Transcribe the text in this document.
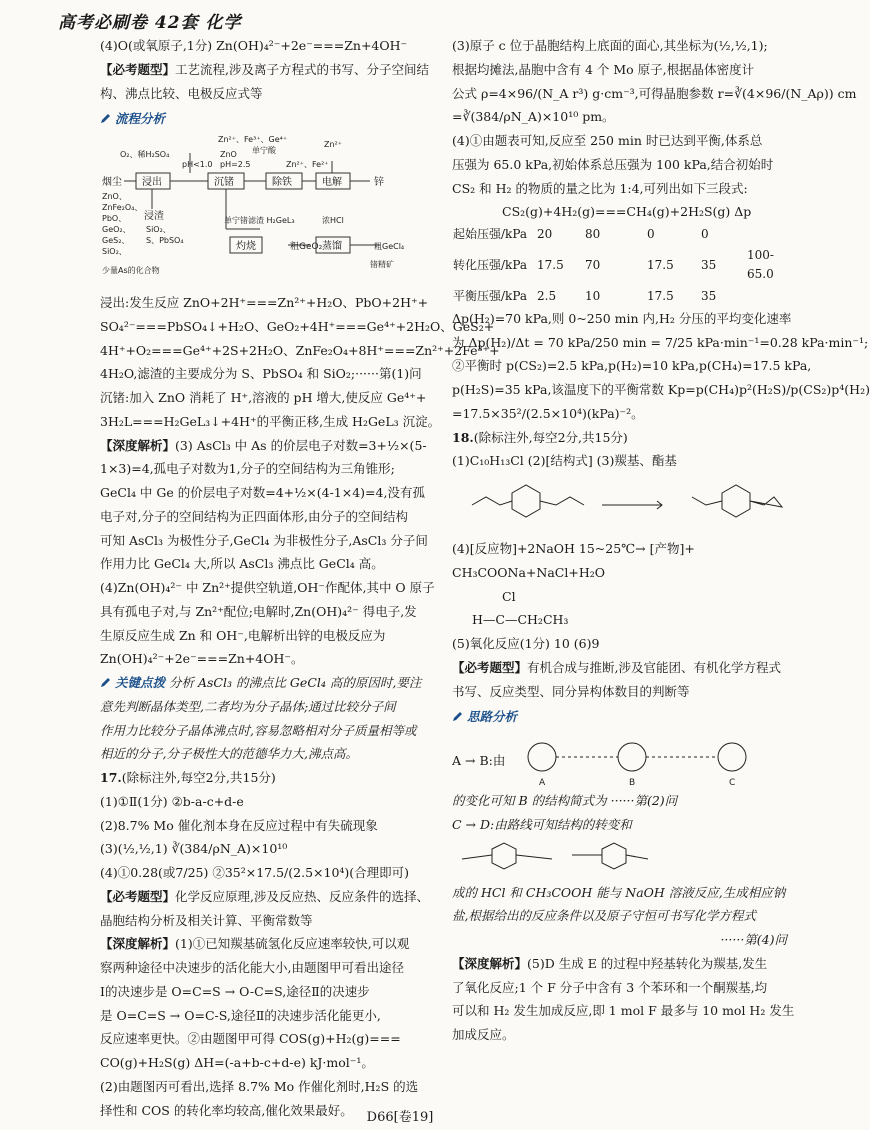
高考必刷卷 42套 化学

(4)O(或氧原子,1分) Zn(OH)₄²⁻+2e⁻===Zn+4OH⁻

【必考题型】工艺流程,涉及离子方程式的书写、分子空间结

构、沸点比较、电极反应式等

流程分析
Zn²⁺、Fe³⁺、Ge⁴⁺
O₂、稀H₂SO₄
pH<1.0
ZnO
pH=2.5
单宁酸
Zn²⁺、Fe²⁺
Zn²⁺
烟尘 浸出	沉锗	除铁	电解	锌
ZnO、
ZnFe₂O₄、
PbO、
GeO₂、
GeS₂、
SiO₂、
少量As的化合物
浸渣
SiO₂、
S、PbSO₄
单宁锗滤渣 H₂GeL₃	浓HCl
粗GeCl₄
锗精矿
粗GeO₂
灼烧	蒸馏

浸出:发生反应 ZnO+2H⁺===Zn²⁺+H₂O、PbO+2H⁺+

SO₄²⁻===PbSO₄↓+H₂O、GeO₂+4H⁺===Ge⁴⁺+2H₂O、GeS₂+

4H⁺+O₂===Ge⁴⁺+2S+2H₂O、ZnFe₂O₄+8H⁺===Zn²⁺+2Fe³⁺+

4H₂O,滤渣的主要成分为 S、PbSO₄ 和 SiO₂;······第(1)问

沉锗:加入 ZnO 消耗了 H⁺,溶液的 pH 增大,使反应 Ge⁴⁺+

3H₂L===H₂GeL₃↓+4H⁺的平衡正移,生成 H₂GeL₃ 沉淀。

【深度解析】(3) AsCl₃ 中 As 的价层电子对数=3+½×(5-

1×3)=4,孤电子对数为1,分子的空间结构为三角锥形;

GeCl₄ 中 Ge 的价层电子对数=4+½×(4-1×4)=4,没有孤

电子对,分子的空间结构为正四面体形,由分子的空间结构

可知 AsCl₃ 为极性分子,GeCl₄ 为非极性分子,AsCl₃ 分子间

作用力比 GeCl₄ 大,所以 AsCl₃ 沸点比 GeCl₄ 高。

(4)Zn(OH)₄²⁻ 中 Zn²⁺提供空轨道,OH⁻作配体,其中 O 原子

具有孤电子对,与 Zn²⁺配位;电解时,Zn(OH)₄²⁻ 得电子,发

生原反应生成 Zn 和 OH⁻,电解析出锌的电极反应为

Zn(OH)₄²⁻+2e⁻===Zn+4OH⁻。

关键点拨 分析 AsCl₃ 的沸点比 GeCl₄ 高的原因时,要注

意先判断晶体类型,二者均为分子晶体;通过比较分子间

作用力比较分子晶体沸点时,容易忽略相对分子质量相等或

相近的分子,分子极性大的范德华力大,沸点高。

17.(除标注外,每空2分,共15分)

(1)①Ⅱ(1分) ②b-a-c+d-e

(2)8.7% Mo 催化剂本身在反应过程中有失硫现象

(3)(½,½,1) ∛(384/ρN_A)×10¹⁰

(4)①0.28(或7/25) ②35²×17.5/(2.5×10⁴)(合理即可)

【必考题型】化学反应原理,涉及反应热、反应条件的选择、

晶胞结构分析及相关计算、平衡常数等

【深度解析】(1)①已知羰基硫氢化反应速率较快,可以观

察两种途径中决速步的活化能大小,由题图甲可看出途径

Ⅰ的决速步是 O=C=S → O-C=S,途径Ⅱ的决速步

是 O=C=S → O=C-S,途径Ⅱ的决速步活化能更小,

反应速率更快。②由题图甲可得 COS(g)+H₂(g)===

CO(g)+H₂S(g) ΔH=(-a+b-c+d-e) kJ·mol⁻¹。

(2)由题图丙可看出,选择 8.7% Mo 作催化剂时,H₂S 的选

择性和 COS 的转化率均较高,催化效果最好。

(3)原子 c 位于晶胞结构上底面的面心,其坐标为(½,½,1);

根据均摊法,晶胞中含有 4 个 Mo 原子,根据晶体密度计

公式 ρ=4×96/(N_A r³) g·cm⁻³,可得晶胞参数 r=∛(4×96/(N_Aρ)) cm

=∛(384/ρN_A)×10¹⁰ pm。

(4)①由题表可知,反应至 250 min 时已达到平衡,体系总

压强为 65.0 kPa,初始体系总压强为 100 kPa,结合初始时

CS₂ 和 H₂ 的物质的量之比为 1:4,可列出如下三段式:

CS₂(g)+4H₂(g)===CH₄(g)+2H₂S(g) Δp

起始压强/kPa	20	80	0	0	
转化压强/kPa	17.5	70	17.5	35	100-65.0
平衡压强/kPa	2.5	10	17.5	35	

Δp(H₂)=70 kPa,则 0~250 min 内,H₂ 分压的平均变化速率

为 Δp(H₂)/Δt = 70 kPa/250 min = 7/25 kPa·min⁻¹=0.28 kPa·min⁻¹;

②平衡时 p(CS₂)=2.5 kPa,p(H₂)=10 kPa,p(CH₄)=17.5 kPa,

p(H₂S)=35 kPa,该温度下的平衡常数 Kp=p(CH₄)p²(H₂S)/p(CS₂)p⁴(H₂)

=17.5×35²/(2.5×10⁴)(kPa)⁻²。

18.(除标注外,每空2分,共15分)

(1)C₁₀H₁₃Cl (2)[结构式] (3)羰基、酯基

(4)[反应物]+2NaOH 15~25℃→ [产物]+

CH₃COONa+NaCl+H₂O

Cl

H—C—CH₂CH₃

(5)氧化反应(1分) 10 (6)9

【必考题型】有机合成与推断,涉及官能团、有机化学方程式

书写、反应类型、同分异构体数目的判断等

思路分析
A → B:由
A	B	C

的变化可知 B 的结构简式为 ······第(2)问

C → D:由路线可知结构的转变和

成的 HCl 和 CH₃COOH 能与 NaOH 溶液反应,生成相应钠

盐,根据给出的反应条件以及原子守恒可书写化学方程式

······第(4)问

【深度解析】(5)D 生成 E 的过程中羟基转化为羰基,发生

了氧化反应;1 个 F 分子中含有 3 个苯环和一个酮羰基,均

可以和 H₂ 发生加成反应,即 1 mol F 最多与 10 mol H₂ 发生

加成反应。

D66[卷19]
